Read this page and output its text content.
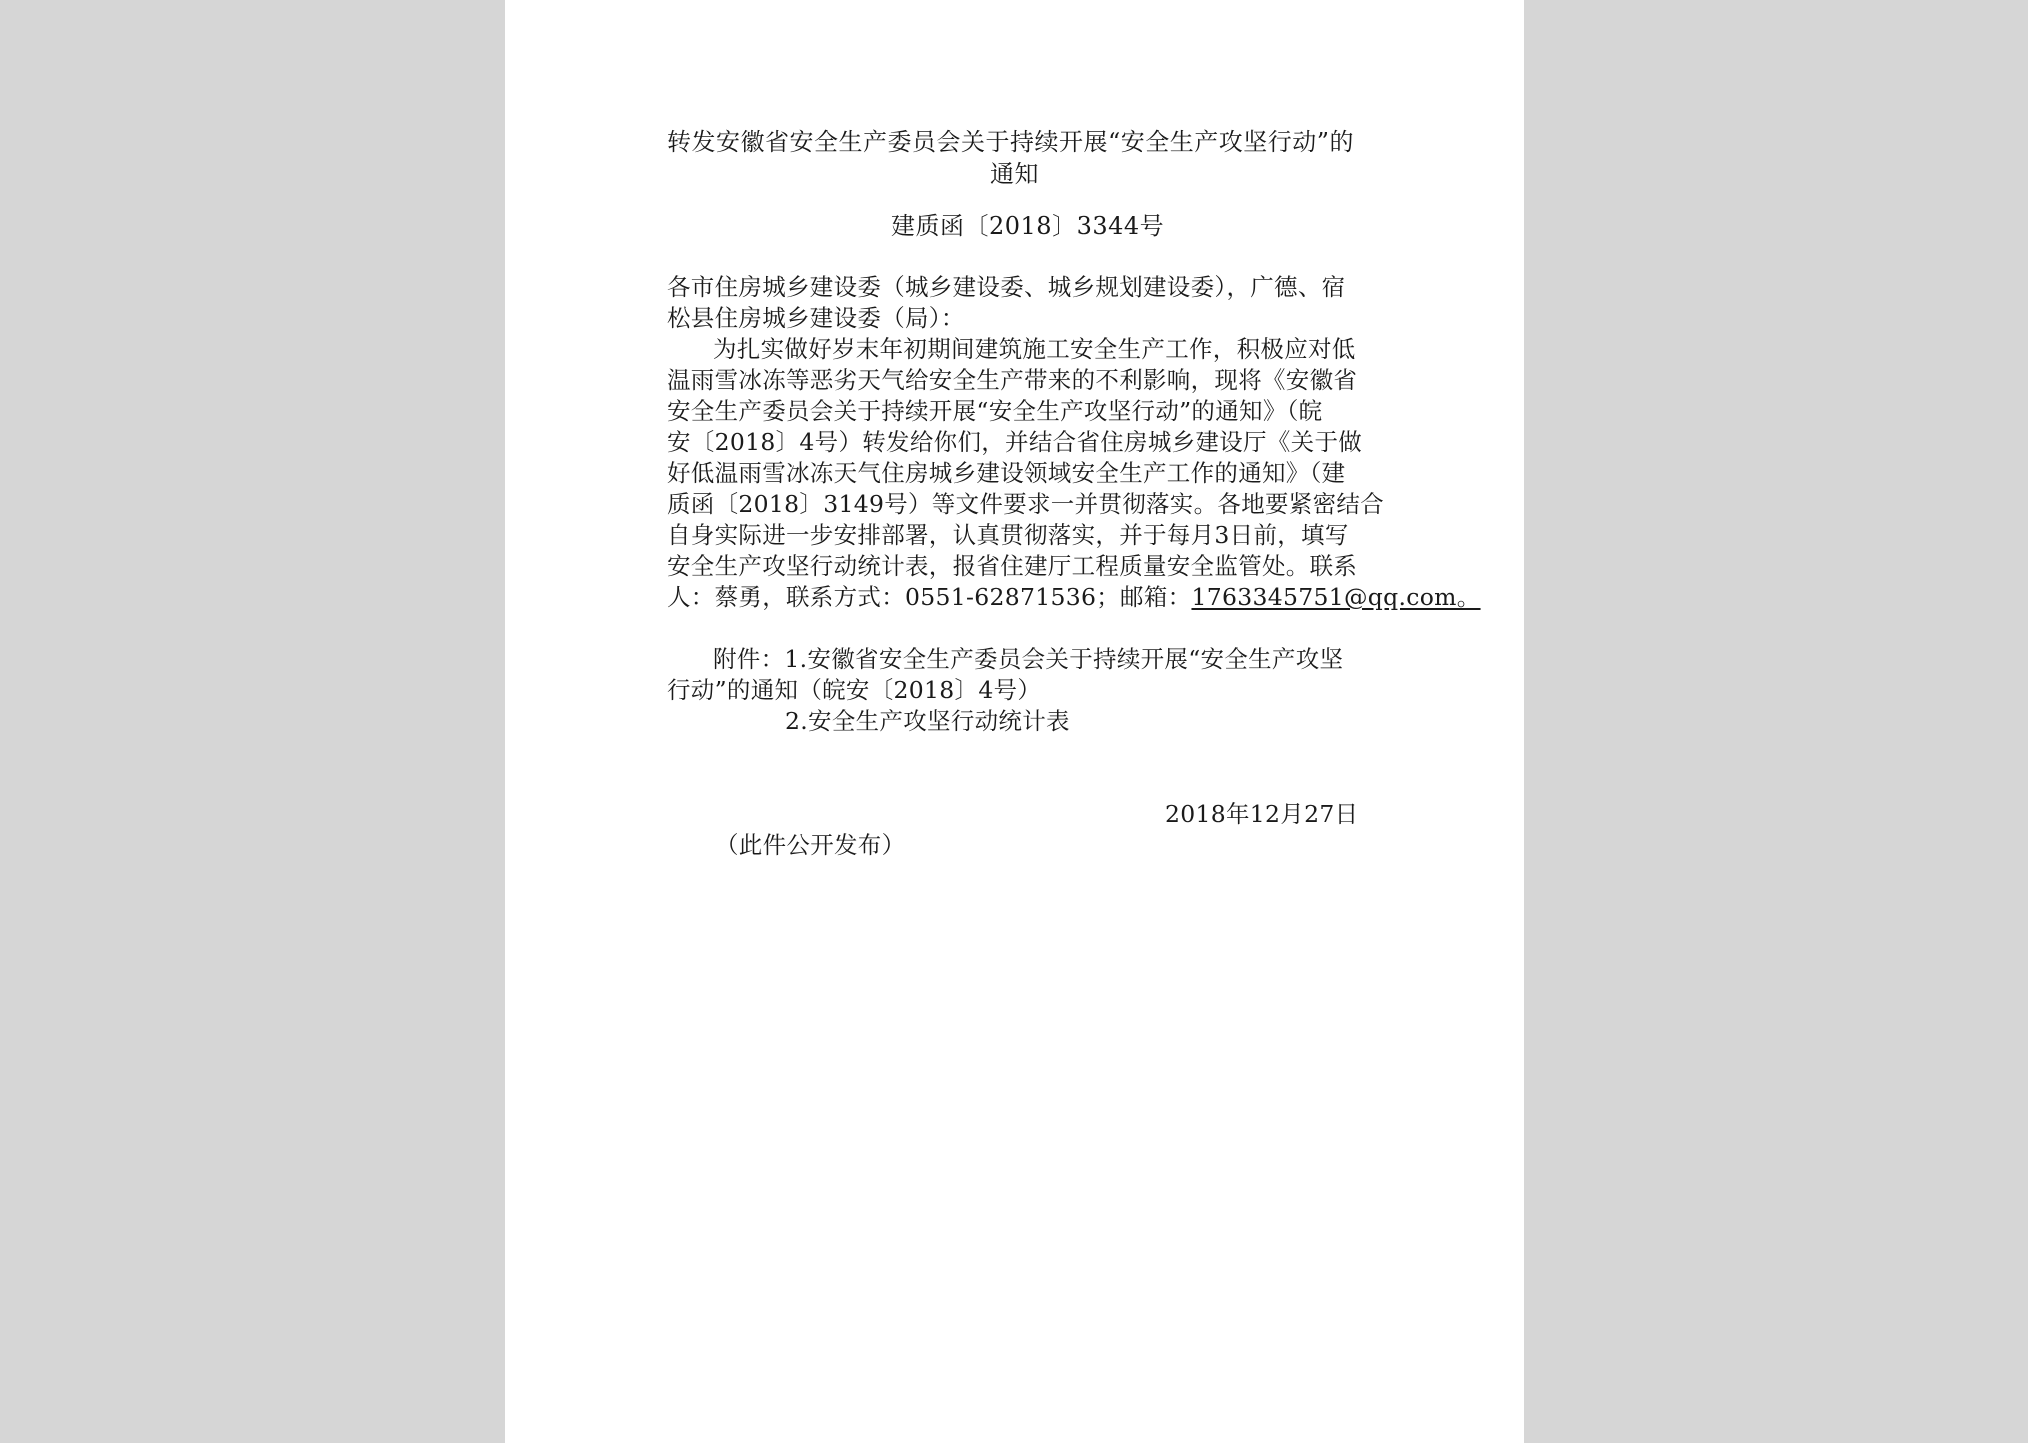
转发安徽省安全生产委员会关于持续开展“安全生产攻坚行动”的
通知
建质函〔2018〕3344号
各市住房城乡建设委（城乡建设委、城乡规划建设委），广德、宿
松县住房城乡建设委（局）：
为扎实做好岁末年初期间建筑施工安全生产工作，积极应对低
温雨雪冰冻等恶劣天气给安全生产带来的不利影响，现将《安徽省
安全生产委员会关于持续开展“安全生产攻坚行动”的通知》（皖
安〔2018〕4号）转发给你们，并结合省住房城乡建设厅《关于做
好低温雨雪冰冻天气住房城乡建设领域安全生产工作的通知》（建
质函〔2018〕3149号）等文件要求一并贯彻落实。各地要紧密结合
自身实际进一步安排部署，认真贯彻落实，并于每月3日前，填写
安全生产攻坚行动统计表，报省住建厅工程质量安全监管处。联系
人：蔡勇，联系方式：0551-62871536；邮箱：1763345751@qq.com。
附件：1.安徽省安全生产委员会关于持续开展“安全生产攻坚
行动”的通知（皖安〔2018〕4号）
2.安全生产攻坚行动统计表
2018年12月27日
（此件公开发布）
